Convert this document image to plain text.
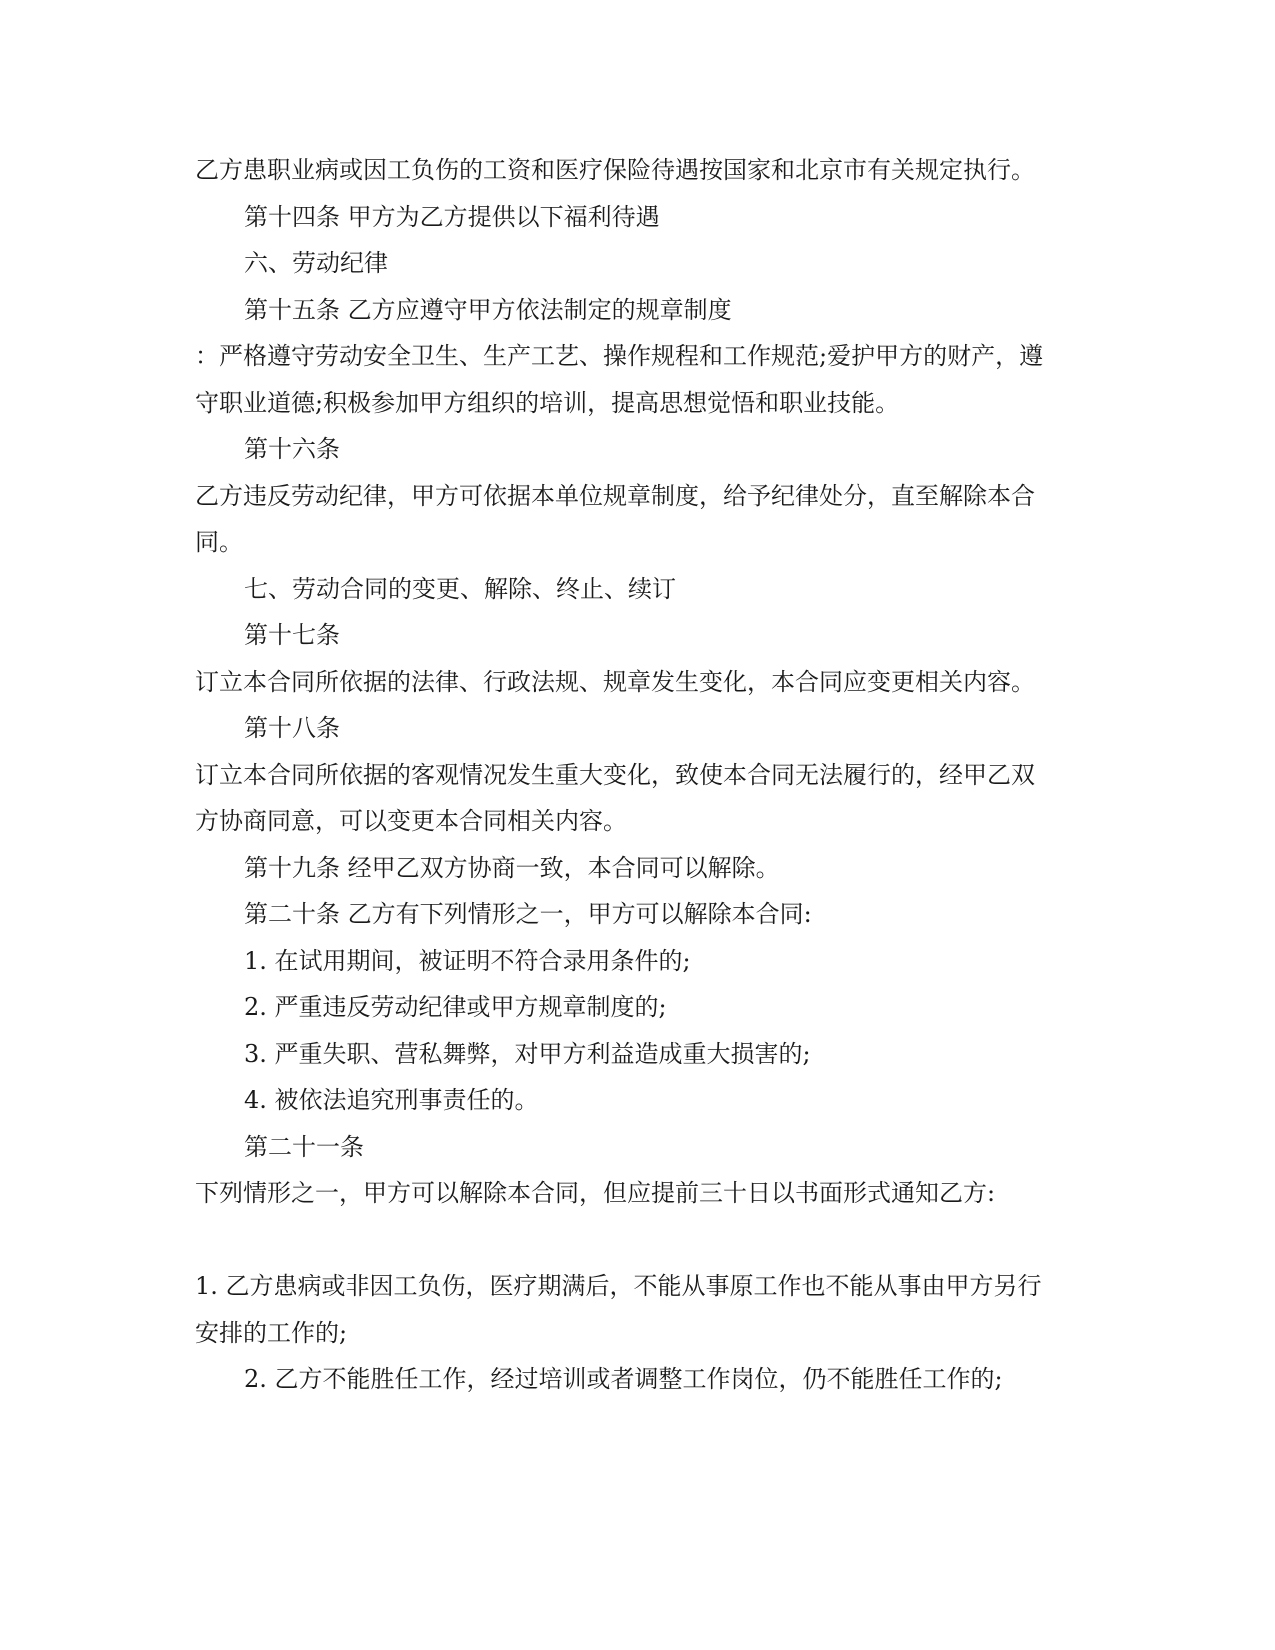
乙方患职业病或因工负伤的工资和医疗保险待遇按国家和北京市有关规定执行。

第十四条 甲方为乙方提供以下福利待遇

六、劳动纪律

第十五条 乙方应遵守甲方依法制定的规章制度

：严格遵守劳动安全卫生、生产工艺、操作规程和工作规范;爱护甲方的财产，遵

守职业道德;积极参加甲方组织的培训，提高思想觉悟和职业技能。

第十六条

乙方违反劳动纪律，甲方可依据本单位规章制度，给予纪律处分，直至解除本合

同。

七、劳动合同的变更、解除、终止、续订

第十七条

订立本合同所依据的法律、行政法规、规章发生变化，本合同应变更相关内容。

第十八条

订立本合同所依据的客观情况发生重大变化，致使本合同无法履行的，经甲乙双

方协商同意，可以变更本合同相关内容。

第十九条 经甲乙双方协商一致，本合同可以解除。

第二十条 乙方有下列情形之一，甲方可以解除本合同:

1. 在试用期间，被证明不符合录用条件的;

2. 严重违反劳动纪律或甲方规章制度的;

3. 严重失职、营私舞弊，对甲方利益造成重大损害的;

4. 被依法追究刑事责任的。

第二十一条

下列情形之一，甲方可以解除本合同，但应提前三十日以书面形式通知乙方:

1. 乙方患病或非因工负伤，医疗期满后，不能从事原工作也不能从事由甲方另行

安排的工作的;

2. 乙方不能胜任工作，经过培训或者调整工作岗位，仍不能胜任工作的;
